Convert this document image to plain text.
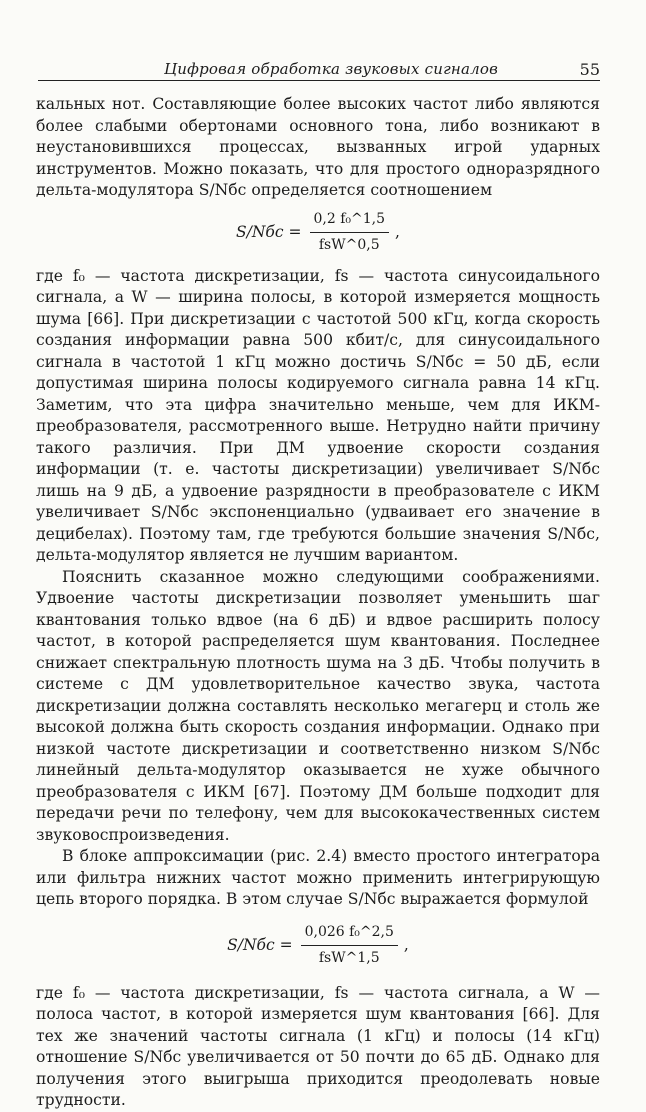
Цифровая обработка звуковых сигналов	55

кальных нот. Составляющие более высоких частот либо являются более слабыми обертонами основного тона, либо возникают в неустановившихся процессах, вызванных игрой ударных инструментов. Можно показать, что для простого одноразрядного дельта-модулятора S/Nбс определяется соотношением

$S/Nбс = \frac{\text{0,2 f₀\textasciicircum{}1,5}}{\text{fsW\textasciicircum{}0,5}}$ ,

где f₀ — частота дискретизации, fs — частота синусоидального сигнала, а W — ширина полосы, в которой измеряется мощность шума [66]. При дискретизации с частотой 500 кГц, когда скорость создания информации равна 500 кбит/с, для синусоидального сигнала в частотой 1 кГц можно достичь S/Nбс = 50 дБ, если допустимая ширина полосы кодируемого сигнала равна 14 кГц. Заметим, что эта цифра значительно меньше, чем для ИКМ-преобразователя, рассмотренного выше. Нетрудно найти причину такого различия. При ДМ удвоение скорости создания информации (т. е. частоты дискретизации) увеличивает S/Nбс лишь на 9 дБ, а удвоение разрядности в преобразователе с ИКМ увеличивает S/Nбс экспоненциально (удваивает его значение в децибелах). Поэтому там, где требуются большие значения S/Nбс, дельта-модулятор является не лучшим вариантом.

Пояснить сказанное можно следующими соображениями. Удвоение частоты дискретизации позволяет уменьшить шаг квантования только вдвое (на 6 дБ) и вдвое расширить полосу частот, в которой распределяется шум квантования. Последнее снижает спектральную плотность шума на 3 дБ. Чтобы получить в системе с ДМ удовлетворительное качество звука, частота дискретизации должна составлять несколько мегагерц и столь же высокой должна быть скорость создания информации. Однако при низкой частоте дискретизации и соответственно низком S/Nбс линейный дельта-модулятор оказывается не хуже обычного преобразователя с ИКМ [67]. Поэтому ДМ больше подходит для передачи речи по телефону, чем для высококачественных систем звуковоспроизведения.

В блоке аппроксимации (рис. 2.4) вместо простого интегратора или фильтра нижних частот можно применить интегрирующую цепь второго порядка. В этом случае S/Nбс выражается формулой

$S/Nбс = \frac{\text{0,026 f₀\textasciicircum{}2,5}}{\text{fsW\textasciicircum{}1,5}}$ ,

где f₀ — частота дискретизации, fs — частота сигнала, а W — полоса частот, в которой измеряется шум квантования [66]. Для тех же значений частоты сигнала (1 кГц) и полосы (14 кГц) отношение S/Nбс увеличивается от 50 почти до 65 дБ. Однако для получения этого выигрыша приходится преодолевать новые трудности.
